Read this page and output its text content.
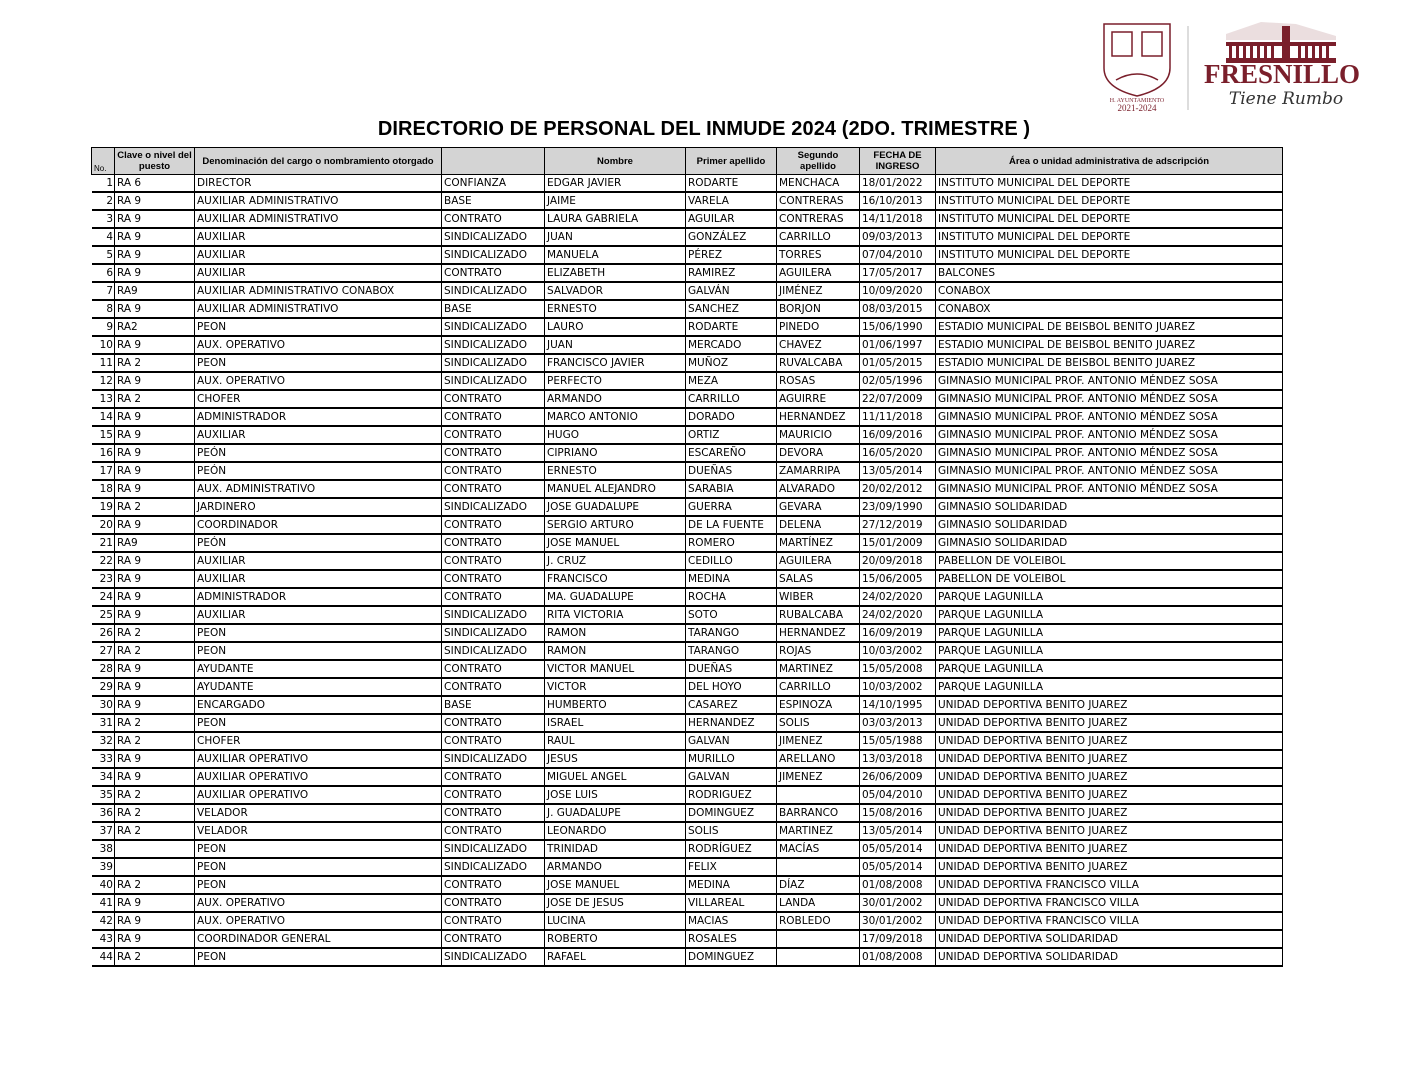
H. AYUNTAMIENTO
2021-2024
FRESNILLO
Tiene Rumbo
DIRECTORIO DE PERSONAL DEL INMUDE 2024 (2DO. TRIMESTRE )
No.	Clave o nivel del puesto	Denominación del cargo o nombramiento otorgado		Nombre	Primer apellido	Segundo apellido	FECHA DE INGRESO	Área o unidad administrativa de adscripción
1	RA 6	DIRECTOR	CONFIANZA	EDGAR JAVIER	RODARTE	MENCHACA	18/01/2022	INSTITUTO MUNICIPAL DEL DEPORTE
2	RA 9	AUXILIAR ADMINISTRATIVO	BASE	JAIME	VARELA	CONTRERAS	16/10/2013	INSTITUTO MUNICIPAL DEL DEPORTE
3	RA 9	AUXILIAR ADMINISTRATIVO	CONTRATO	LAURA GABRIELA	AGUILAR	CONTRERAS	14/11/2018	INSTITUTO MUNICIPAL DEL DEPORTE
4	RA 9	AUXILIAR	SINDICALIZADO	JUAN	GONZÁLEZ	CARRILLO	09/03/2013	INSTITUTO MUNICIPAL DEL DEPORTE
5	RA 9	AUXILIAR	SINDICALIZADO	MANUELA	PÉREZ	TORRES	07/04/2010	INSTITUTO MUNICIPAL DEL DEPORTE
6	RA 9	AUXILIAR	CONTRATO	ELIZABETH	RAMIREZ	AGUILERA	17/05/2017	BALCONES
7	RA9	AUXILIAR ADMINISTRATIVO CONABOX	SINDICALIZADO	SALVADOR	GALVÁN	JIMÉNEZ	10/09/2020	CONABOX
8	RA 9	AUXILIAR ADMINISTRATIVO	BASE	ERNESTO	SANCHEZ	BORJON	08/03/2015	CONABOX
9	RA2	PEON	SINDICALIZADO	LAURO	RODARTE	PINEDO	15/06/1990	ESTADIO MUNICIPAL DE BEISBOL BENITO JUAREZ
10	RA 9	AUX. OPERATIVO	SINDICALIZADO	JUAN	MERCADO	CHAVEZ	01/06/1997	ESTADIO MUNICIPAL DE BEISBOL BENITO JUAREZ
11	RA 2	PEON	SINDICALIZADO	FRANCISCO JAVIER	MUÑOZ	RUVALCABA	01/05/2015	ESTADIO MUNICIPAL DE BEISBOL BENITO JUAREZ
12	RA 9	AUX. OPERATIVO	SINDICALIZADO	PERFECTO	MEZA	ROSAS	02/05/1996	GIMNASIO MUNICIPAL PROF. ANTONIO MÉNDEZ SOSA
13	RA 2	CHOFER	CONTRATO	ARMANDO	CARRILLO	AGUIRRE	22/07/2009	GIMNASIO MUNICIPAL PROF. ANTONIO MÉNDEZ SOSA
14	RA 9	ADMINISTRADOR	CONTRATO	MARCO ANTONIO	DORADO	HERNANDEZ	11/11/2018	GIMNASIO MUNICIPAL PROF. ANTONIO MÉNDEZ SOSA
15	RA 9	AUXILIAR	CONTRATO	HUGO	ORTIZ	MAURICIO	16/09/2016	GIMNASIO MUNICIPAL PROF. ANTONIO MÉNDEZ SOSA
16	RA 9	PEÓN	CONTRATO	CIPRIANO	ESCAREÑO	DEVORA	16/05/2020	GIMNASIO MUNICIPAL PROF. ANTONIO MÉNDEZ SOSA
17	RA 9	PEÓN	CONTRATO	ERNESTO	DUEÑAS	ZAMARRIPA	13/05/2014	GIMNASIO MUNICIPAL PROF. ANTONIO MÉNDEZ SOSA
18	RA 9	AUX. ADMINISTRATIVO	CONTRATO	MANUEL ALEJANDRO	SARABIA	ALVARADO	20/02/2012	GIMNASIO MUNICIPAL PROF. ANTONIO MÉNDEZ SOSA
19	RA 2	JARDINERO	SINDICALIZADO	JOSE GUADALUPE	GUERRA	GEVARA	23/09/1990	GIMNASIO SOLIDARIDAD
20	RA 9	COORDINADOR	CONTRATO	SERGIO ARTURO	DE LA FUENTE	DELENA	27/12/2019	GIMNASIO SOLIDARIDAD
21	RA9	PEÓN	CONTRATO	JOSE MANUEL	ROMERO	MARTÍNEZ	15/01/2009	GIMNASIO SOLIDARIDAD
22	RA 9	AUXILIAR	CONTRATO	J. CRUZ	CEDILLO	AGUILERA	20/09/2018	PABELLON DE VOLEIBOL
23	RA 9	AUXILIAR	CONTRATO	FRANCISCO	MEDINA	SALAS	15/06/2005	PABELLON DE VOLEIBOL
24	RA 9	ADMINISTRADOR	CONTRATO	MA. GUADALUPE	ROCHA	WIBER	24/02/2020	PARQUE LAGUNILLA
25	RA 9	AUXILIAR	SINDICALIZADO	RITA VICTORIA	SOTO	RUBALCABA	24/02/2020	PARQUE LAGUNILLA
26	RA 2	PEON	SINDICALIZADO	RAMON	TARANGO	HERNANDEZ	16/09/2019	PARQUE LAGUNILLA
27	RA 2	PEON	SINDICALIZADO	RAMON	TARANGO	ROJAS	10/03/2002	PARQUE LAGUNILLA
28	RA 9	AYUDANTE	CONTRATO	VICTOR MANUEL	DUEÑAS	MARTINEZ	15/05/2008	PARQUE LAGUNILLA
29	RA 9	AYUDANTE	CONTRATO	VICTOR	DEL HOYO	CARRILLO	10/03/2002	PARQUE LAGUNILLA
30	RA 9	ENCARGADO	BASE	HUMBERTO	CASAREZ	ESPINOZA	14/10/1995	UNIDAD DEPORTIVA BENITO JUAREZ
31	RA 2	PEON	CONTRATO	ISRAEL	HERNANDEZ	SOLIS	03/03/2013	UNIDAD DEPORTIVA BENITO JUAREZ
32	RA 2	CHOFER	CONTRATO	RAUL	GALVAN	JIMENEZ	15/05/1988	UNIDAD DEPORTIVA BENITO JUAREZ
33	RA 9	AUXILIAR OPERATIVO	SINDICALIZADO	JESUS	MURILLO	ARELLANO	13/03/2018	UNIDAD DEPORTIVA BENITO JUAREZ
34	RA 9	AUXILIAR OPERATIVO	CONTRATO	MIGUEL ANGEL	GALVAN	JIMENEZ	26/06/2009	UNIDAD DEPORTIVA BENITO JUAREZ
35	RA 2	AUXILIAR OPERATIVO	CONTRATO	JOSE LUIS	RODRIGUEZ		05/04/2010	UNIDAD DEPORTIVA BENITO JUAREZ
36	RA 2	VELADOR	CONTRATO	J. GUADALUPE	DOMINGUEZ	BARRANCO	15/08/2016	UNIDAD DEPORTIVA BENITO JUAREZ
37	RA 2	VELADOR	CONTRATO	LEONARDO	SOLIS	MARTINEZ	13/05/2014	UNIDAD DEPORTIVA BENITO JUAREZ
38		PEON	SINDICALIZADO	TRINIDAD	RODRÍGUEZ	MACÍAS	05/05/2014	UNIDAD DEPORTIVA BENITO JUAREZ
39		PEON	SINDICALIZADO	ARMANDO	FELIX		05/05/2014	UNIDAD DEPORTIVA BENITO JUAREZ
40	RA 2	PEON	CONTRATO	JOSE MANUEL	MEDINA	DÍAZ	01/08/2008	UNIDAD DEPORTIVA FRANCISCO VILLA
41	RA 9	AUX. OPERATIVO	CONTRATO	JOSE DE JESUS	VILLAREAL	LANDA	30/01/2002	UNIDAD DEPORTIVA FRANCISCO VILLA
42	RA 9	AUX. OPERATIVO	CONTRATO	LUCINA	MACIAS	ROBLEDO	30/01/2002	UNIDAD DEPORTIVA FRANCISCO VILLA
43	RA 9	COORDINADOR GENERAL	CONTRATO	ROBERTO	ROSALES		17/09/2018	UNIDAD DEPORTIVA SOLIDARIDAD
44	RA 2	PEON	SINDICALIZADO	RAFAEL	DOMINGUEZ		01/08/2008	UNIDAD DEPORTIVA SOLIDARIDAD
